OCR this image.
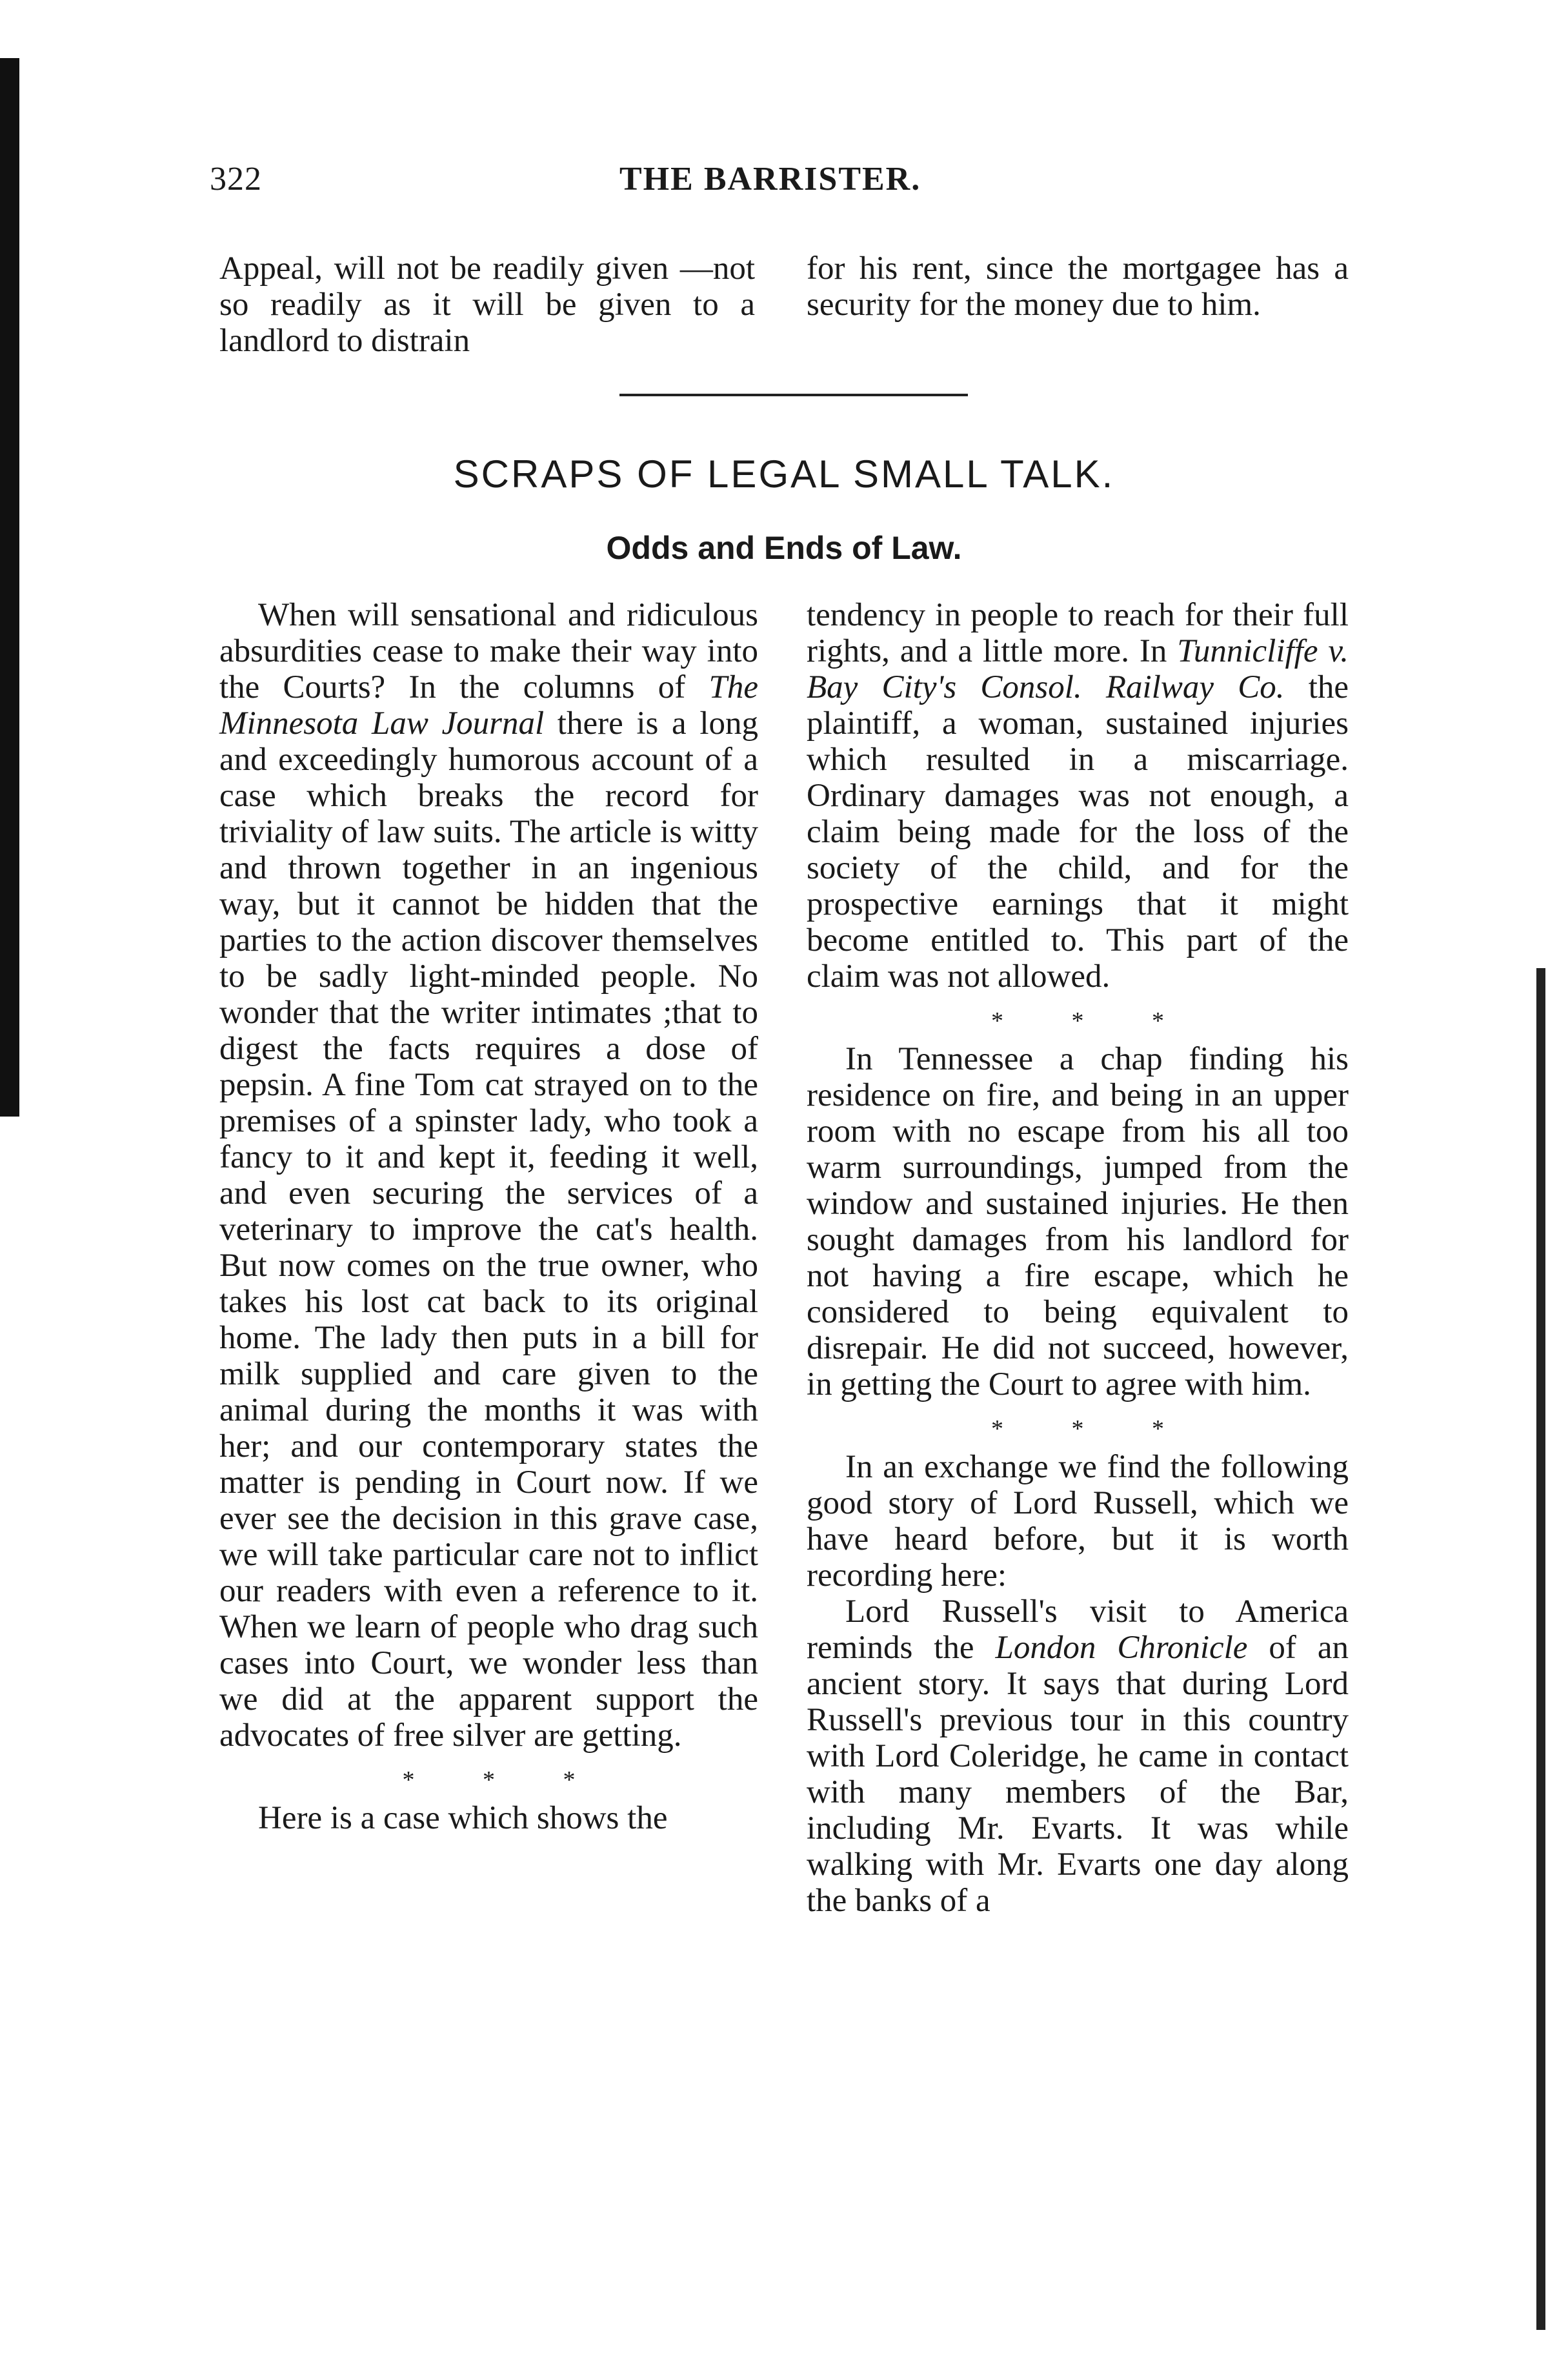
322	THE BARRISTER.

Appeal, will not be readily given —not so readily as it will be given to a landlord to distrain

for his rent, since the mortgagee has a security for the money due to him.

SCRAPS OF LEGAL SMALL TALK.
Odds and Ends of Law.

When will sensational and ridiculous absurdities cease to make their way into the Courts? In the columns of The Minnesota Law Journal there is a long and exceedingly humorous account of a case which breaks the record for triviality of law suits. The article is witty and thrown together in an ingenious way, but it cannot be hidden that the parties to the action discover themselves to be sadly light-minded people. No wonder that the writer intimates ;that to digest the facts requires a dose of pepsin. A fine Tom cat strayed on to the premises of a spinster lady, who took a fancy to it and kept it, feeding it well, and even securing the services of a veterinary to improve the cat's health. But now comes on the true owner, who takes his lost cat back to its original home. The lady then puts in a bill for milk supplied and care given to the animal during the months it was with her; and our contemporary states the matter is pending in Court now. If we ever see the decision in this grave case, we will take particular care not to inflict our readers with even a reference to it. When we learn of people who drag such cases into Court, we wonder less than we did at the apparent support the advocates of free silver are getting.

* * *

Here is a case which shows the

tendency in people to reach for their full rights, and a little more. In Tunnicliffe v. Bay City's Consol. Railway Co. the plaintiff, a woman, sustained injuries which resulted in a miscarriage. Ordinary damages was not enough, a claim being made for the loss of the society of the child, and for the prospective earnings that it might become entitled to. This part of the claim was not allowed.

* * *

In Tennessee a chap finding his residence on fire, and being in an upper room with no escape from his all too warm surroundings, jumped from the window and sustained injuries. He then sought damages from his landlord for not having a fire escape, which he considered to being equivalent to disrepair. He did not succeed, however, in getting the Court to agree with him.

* * *

In an exchange we find the following good story of Lord Russell, which we have heard before, but it is worth recording here:

Lord Russell's visit to America reminds the London Chronicle of an ancient story. It says that during Lord Russell's previous tour in this country with Lord Coleridge, he came in contact with many members of the Bar, including Mr. Evarts. It was while walking with Mr. Evarts one day along the banks of a
